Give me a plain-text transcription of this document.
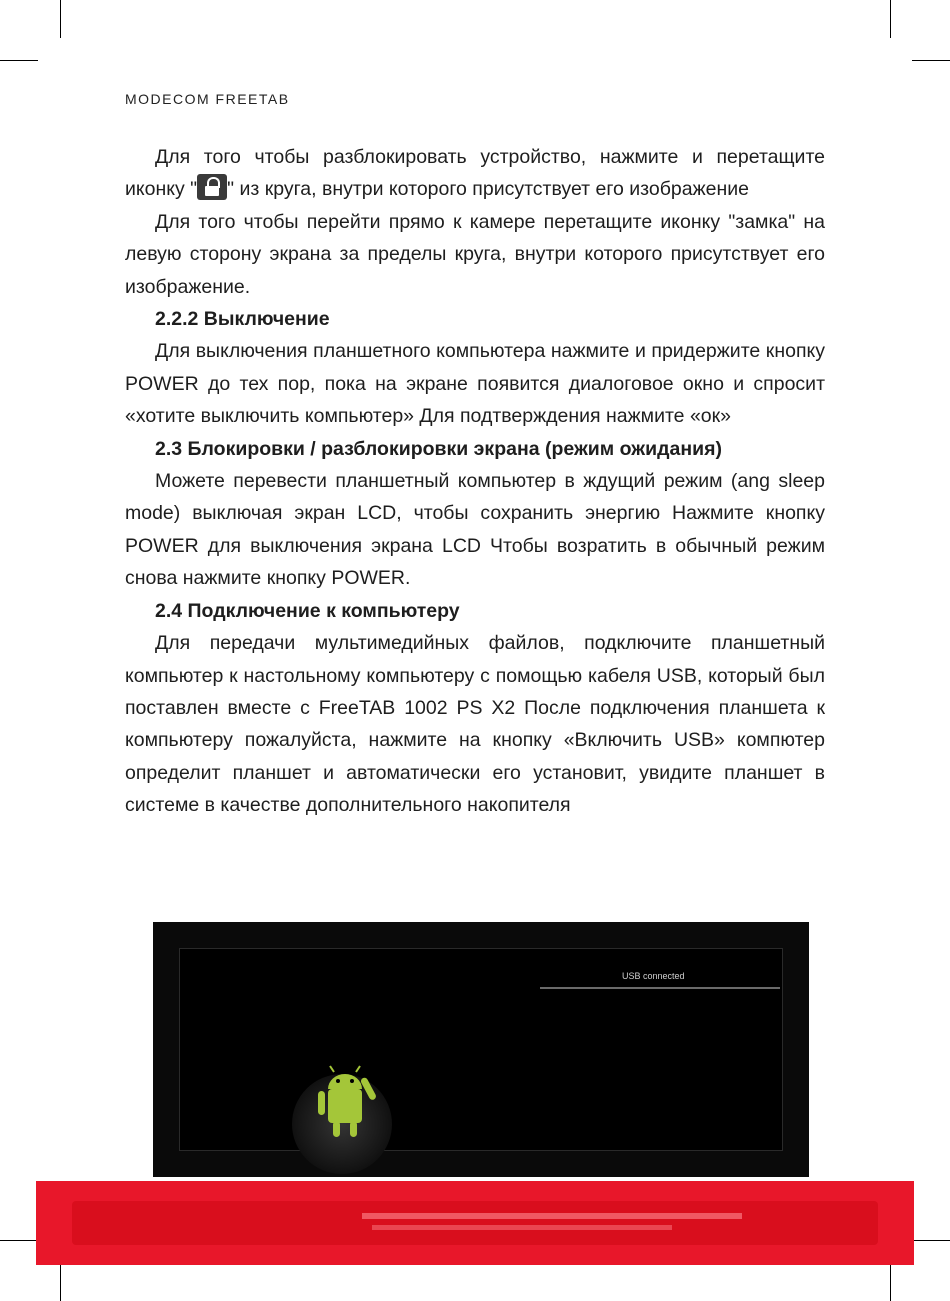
MODECOM FREETAB

Для того чтобы разблокировать устройство, нажмите и перетащите иконку " " из круга, внутри которого присутствует его изображение

Для того чтобы перейти прямо к камере перетащите иконку "замка" на левую сторону экрана за пределы круга, внутри которого присутствует его изображение.

2.2.2 Выключение

Для выключения планшетного компьютера нажмите и придержите кнопку POWER до тех пор, пока на экране появится диалоговое окно и спросит «хотите выключить компьютер» Для подтверждения нажмите «ок»

2.3 Блокировки / разблокировки экрана (режим ожидания)

Можете перевести планшетный компьютер в ждущий режим (ang sleep mode) выключая экран LCD, чтобы сохранить энергию Нажмите кнопку POWER для выключения экрана LCD Чтобы возратить в обычный режим снова нажмите кнопку POWER.

2.4 Подключение к компьютеру

Для передачи мультимедийных файлов, подключите планшетный компьютер к настольному компьютеру с помощью кабеля USB, который был поставлен вместе с FreeTAB 1002 PS X2 После подключения планшета к компьютеру пожалуйста, нажмите на кнопку «Включить USB» компютер определит планшет и автоматически его установит, увидите планшет в системе в качестве дополнительного накопителя

USB connected
